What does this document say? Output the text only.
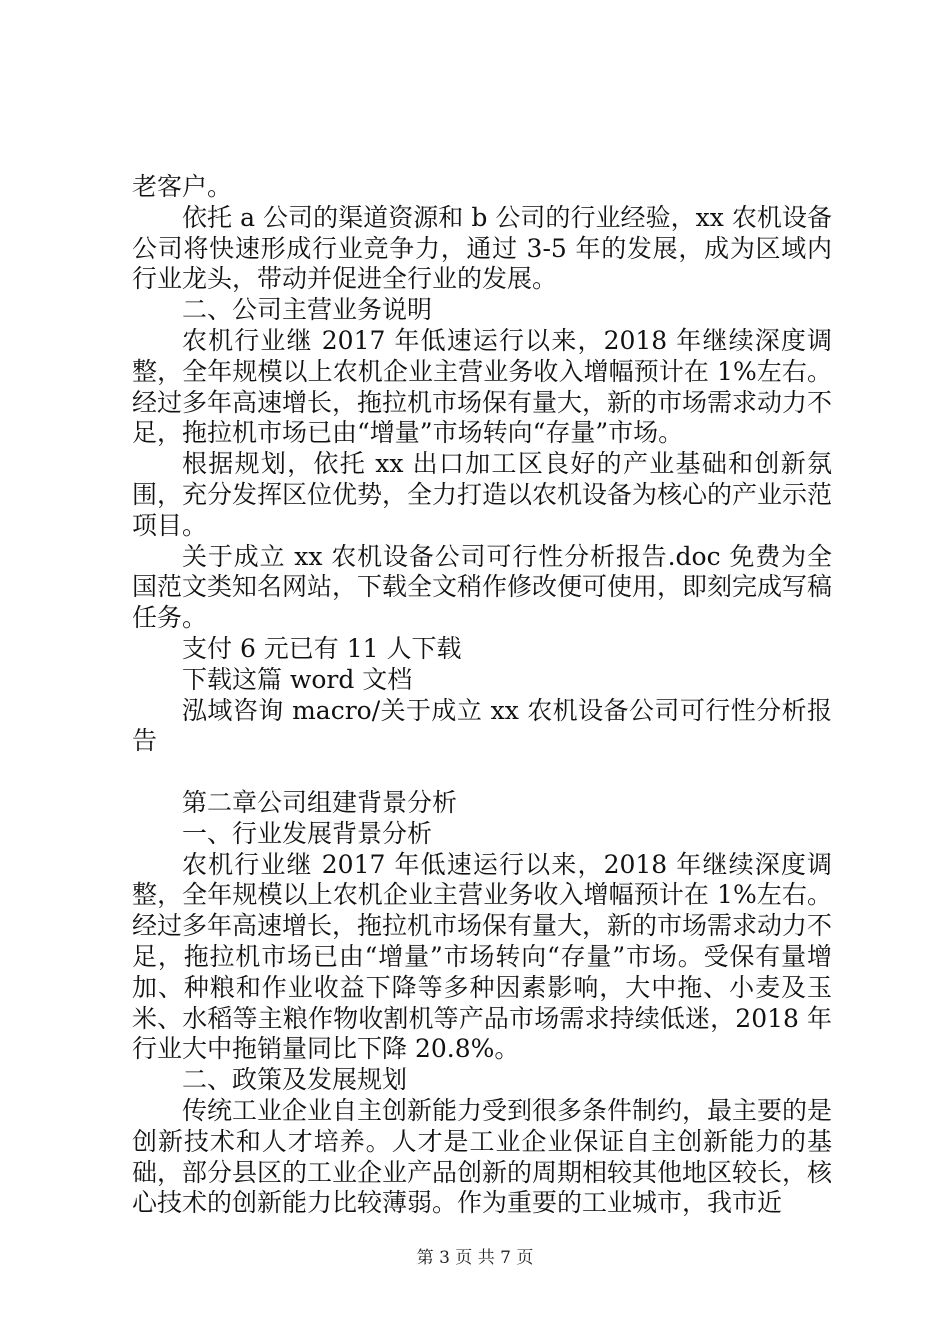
老客户。

依托 a 公司的渠道资源和 b 公司的行业经验，xx 农机设备公司将快速形成行业竞争力，通过 3-5 年的发展，成为区域内行业龙头，带动并促进全行业的发展。

二、公司主营业务说明

农机行业继 2017 年低速运行以来，2018 年继续深度调整，全年规模以上农机企业主营业务收入增幅预计在 1%左右。经过多年高速增长，拖拉机市场保有量大，新的市场需求动力不足，拖拉机市场已由“增量”市场转向“存量”市场。

根据规划，依托 xx 出口加工区良好的产业基础和创新氛围，充分发挥区位优势，全力打造以农机设备为核心的产业示范项目。

关于成立 xx 农机设备公司可行性分析报告.doc 免费为全国范文类知名网站，下载全文稍作修改便可使用，即刻完成写稿任务。

支付 6 元已有 11 人下载

下载这篇 word 文档

泓域咨询 macro/关于成立 xx 农机设备公司可行性分析报告

第二章公司组建背景分析

一、行业发展背景分析

农机行业继 2017 年低速运行以来，2018 年继续深度调整，全年规模以上农机企业主营业务收入增幅预计在 1%左右。经过多年高速增长，拖拉机市场保有量大，新的市场需求动力不足，拖拉机市场已由“增量”市场转向“存量”市场。受保有量增加、种粮和作业收益下降等多种因素影响，大中拖、小麦及玉米、水稻等主粮作物收割机等产品市场需求持续低迷，2018 年行业大中拖销量同比下降 20.8%。

二、政策及发展规划

传统工业企业自主创新能力受到很多条件制约，最主要的是创新技术和人才培养。人才是工业企业保证自主创新能力的基础，部分县区的工业企业产品创新的周期相较其他地区较长，核心技术的创新能力比较薄弱。作为重要的工业城市，我市近

第 3 页 共 7 页
